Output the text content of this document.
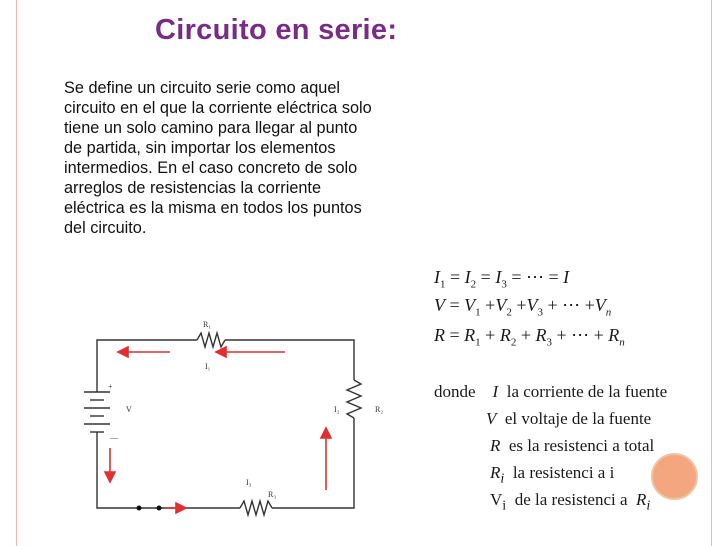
Circuito en serie:
Se define un circuito serie como aquel
circuito en el que la corriente eléctrica solo
tiene un solo camino para llegar al punto
de partida, sin importar los elementos
intermedios. En el caso concreto de solo
arreglos de resistencias la corriente
eléctrica es la misma en todos los puntos
del circuito.
R₁
I₁
R₂
I₂
R₃
I₃
V
+
—
$I_1 = I_2 = I_3$ = ⋯ = I
$V = V_1 +V_2 +V_3$ + ⋯ $+V_n$
$R = R_1 + R_2 + R_3$ + ⋯ + $R_n$
donde I la corriente de la fuente
V el voltaje de la fuente
R es la resistenci a total
$R_i$ la resistenci a i
$V_i$ de la resistenci a $R_i$
